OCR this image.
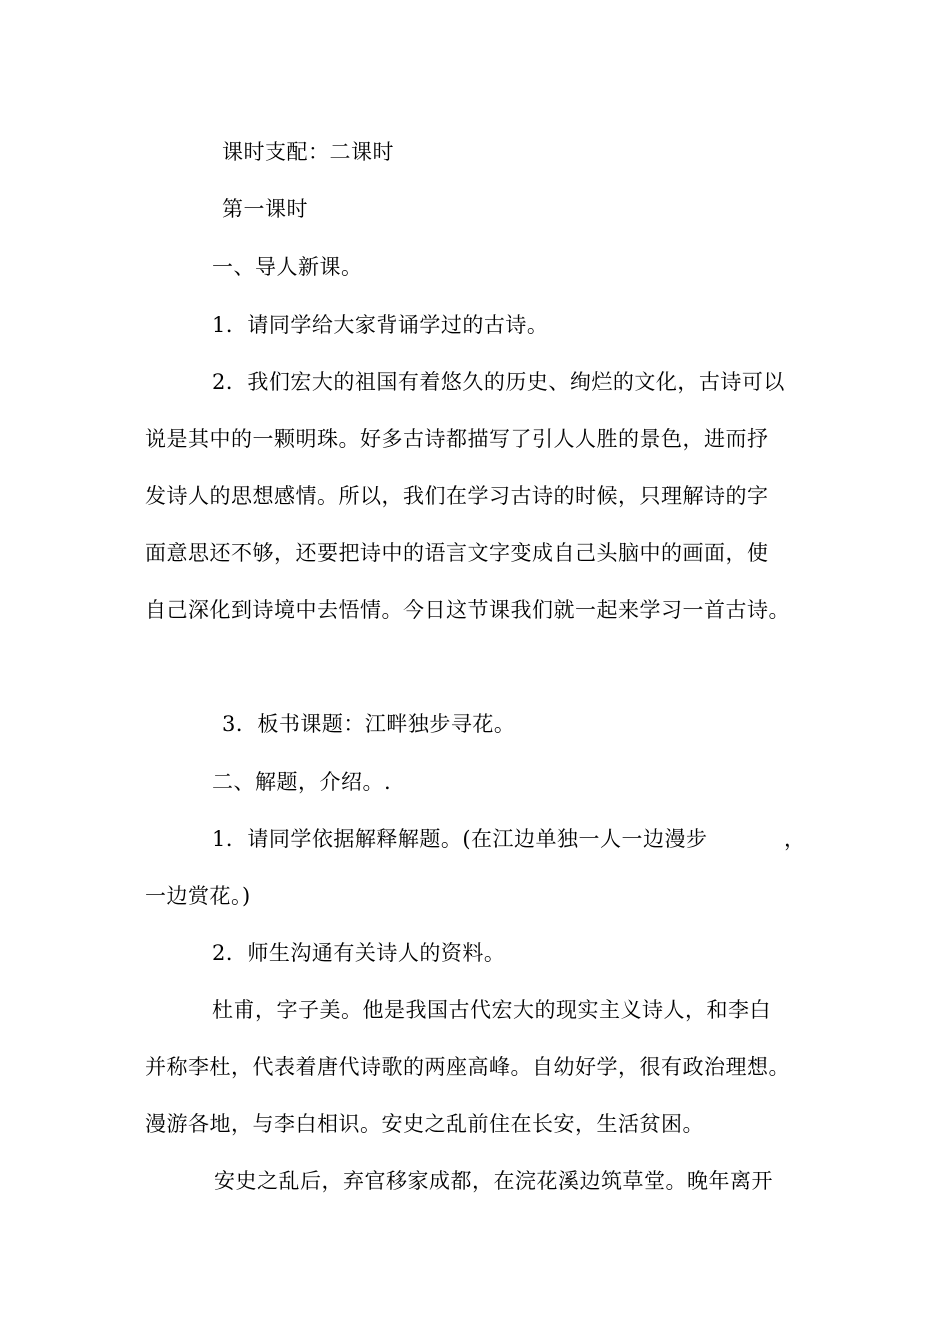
课时支配：二课时
第一课时
一、导人新课。
1．请同学给大家背诵学过的古诗。
2．我们宏大的祖国有着悠久的历史、绚烂的文化，古诗可以
说是其中的一颗明珠。好多古诗都描写了引人人胜的景色，进而抒
发诗人的思想感情。所以，我们在学习古诗的时候，只理解诗的字
面意思还不够，还要把诗中的语言文字变成自己头脑中的画面，使
自己深化到诗境中去悟情。今日这节课我们就一起来学习一首古诗。
3．板书课题：江畔独步寻花。
二、解题，介绍。.
1．请同学依据解释解题。(在江边单独一人一边漫步	，
一边赏花。)
2．师生沟通有关诗人的资料。
杜甫，字子美。他是我国古代宏大的现实主义诗人，和李白
并称李杜，代表着唐代诗歌的两座高峰。自幼好学，很有政治理想。
漫游各地，与李白相识。安史之乱前住在长安，生活贫困。
安史之乱后，弃官移家成都，在浣花溪边筑草堂。晚年离开
